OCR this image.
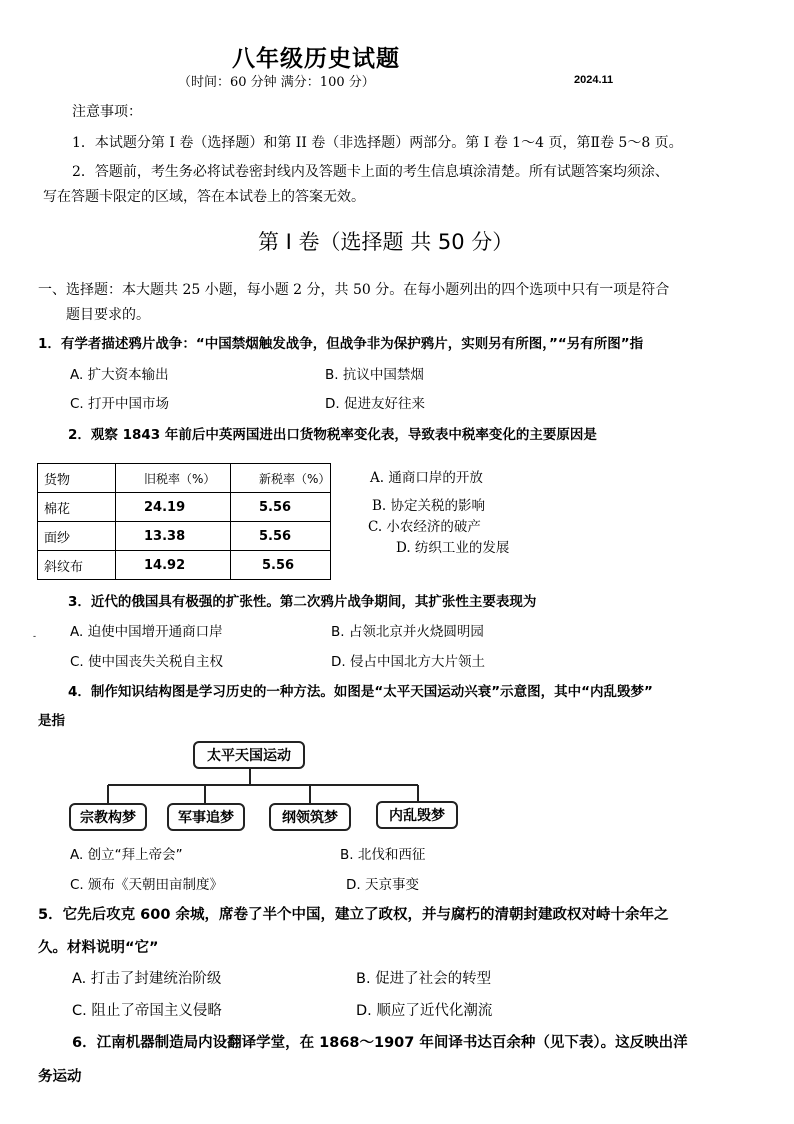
八年级历史试题
（时间：60 分钟 满分：100 分）	2024.11
注意事项：
1．本试题分第 I 卷（选择题）和第 II 卷（非选择题）两部分。第 I 卷 1～4 页，第Ⅱ卷 5～8 页。
2．答题前，考生务必将试卷密封线内及答题卡上面的考生信息填涂清楚。所有试题答案均须涂、
写在答题卡限定的区域，答在本试卷上的答案无效。
第 I 卷（选择题 共 50 分）
一、选择题：本大题共 25 小题，每小题 2 分，共 50 分。在每小题列出的四个选项中只有一项是符合
题目要求的。
1．有学者描述鸦片战争：“中国禁烟触发战争，但战争非为保护鸦片，实则另有所图，”“另有所图”指
A. 扩大资本输出	B. 抗议中国禁烟
C. 打开中国市场	D. 促进友好往来
2．观察 1843 年前后中英两国进出口货物税率变化表，导致表中税率变化的主要原因是
货物	旧税率（%）	新税率（%）
棉花	24.19	5.56
面纱	13.38	5.56
斜纹布	14.92	5.56
A. 通商口岸的开放
B. 协定关税的影响
C. 小农经济的破产
D. 纺织工业的发展
3．近代的俄国具有极强的扩张性。第二次鸦片战争期间，其扩张性主要表现为
-	A. 迫使中国增开通商口岸	B. 占领北京并火烧圆明园
C. 使中国丧失关税自主权	D. 侵占中国北方大片领土
4．制作知识结构图是学习历史的一种方法。如图是“太平天国运动兴衰”示意图，其中“内乱毁梦”
是指
太平天国运动
宗教构梦	军事追梦	纲领筑梦	内乱毁梦
A. 创立“拜上帝会”	B. 北伐和西征
C. 颁布《天朝田亩制度》	D. 天京事变
5．它先后攻克 600 余城，席卷了半个中国，建立了政权，并与腐朽的清朝封建政权对峙十余年之
久。材料说明“它”
A. 打击了封建统治阶级	B. 促进了社会的转型
C. 阻止了帝国主义侵略	D. 顺应了近代化潮流
6．江南机器制造局内设翻译学堂，在 1868～1907 年间译书达百余种（见下表）。这反映出洋
务运动
